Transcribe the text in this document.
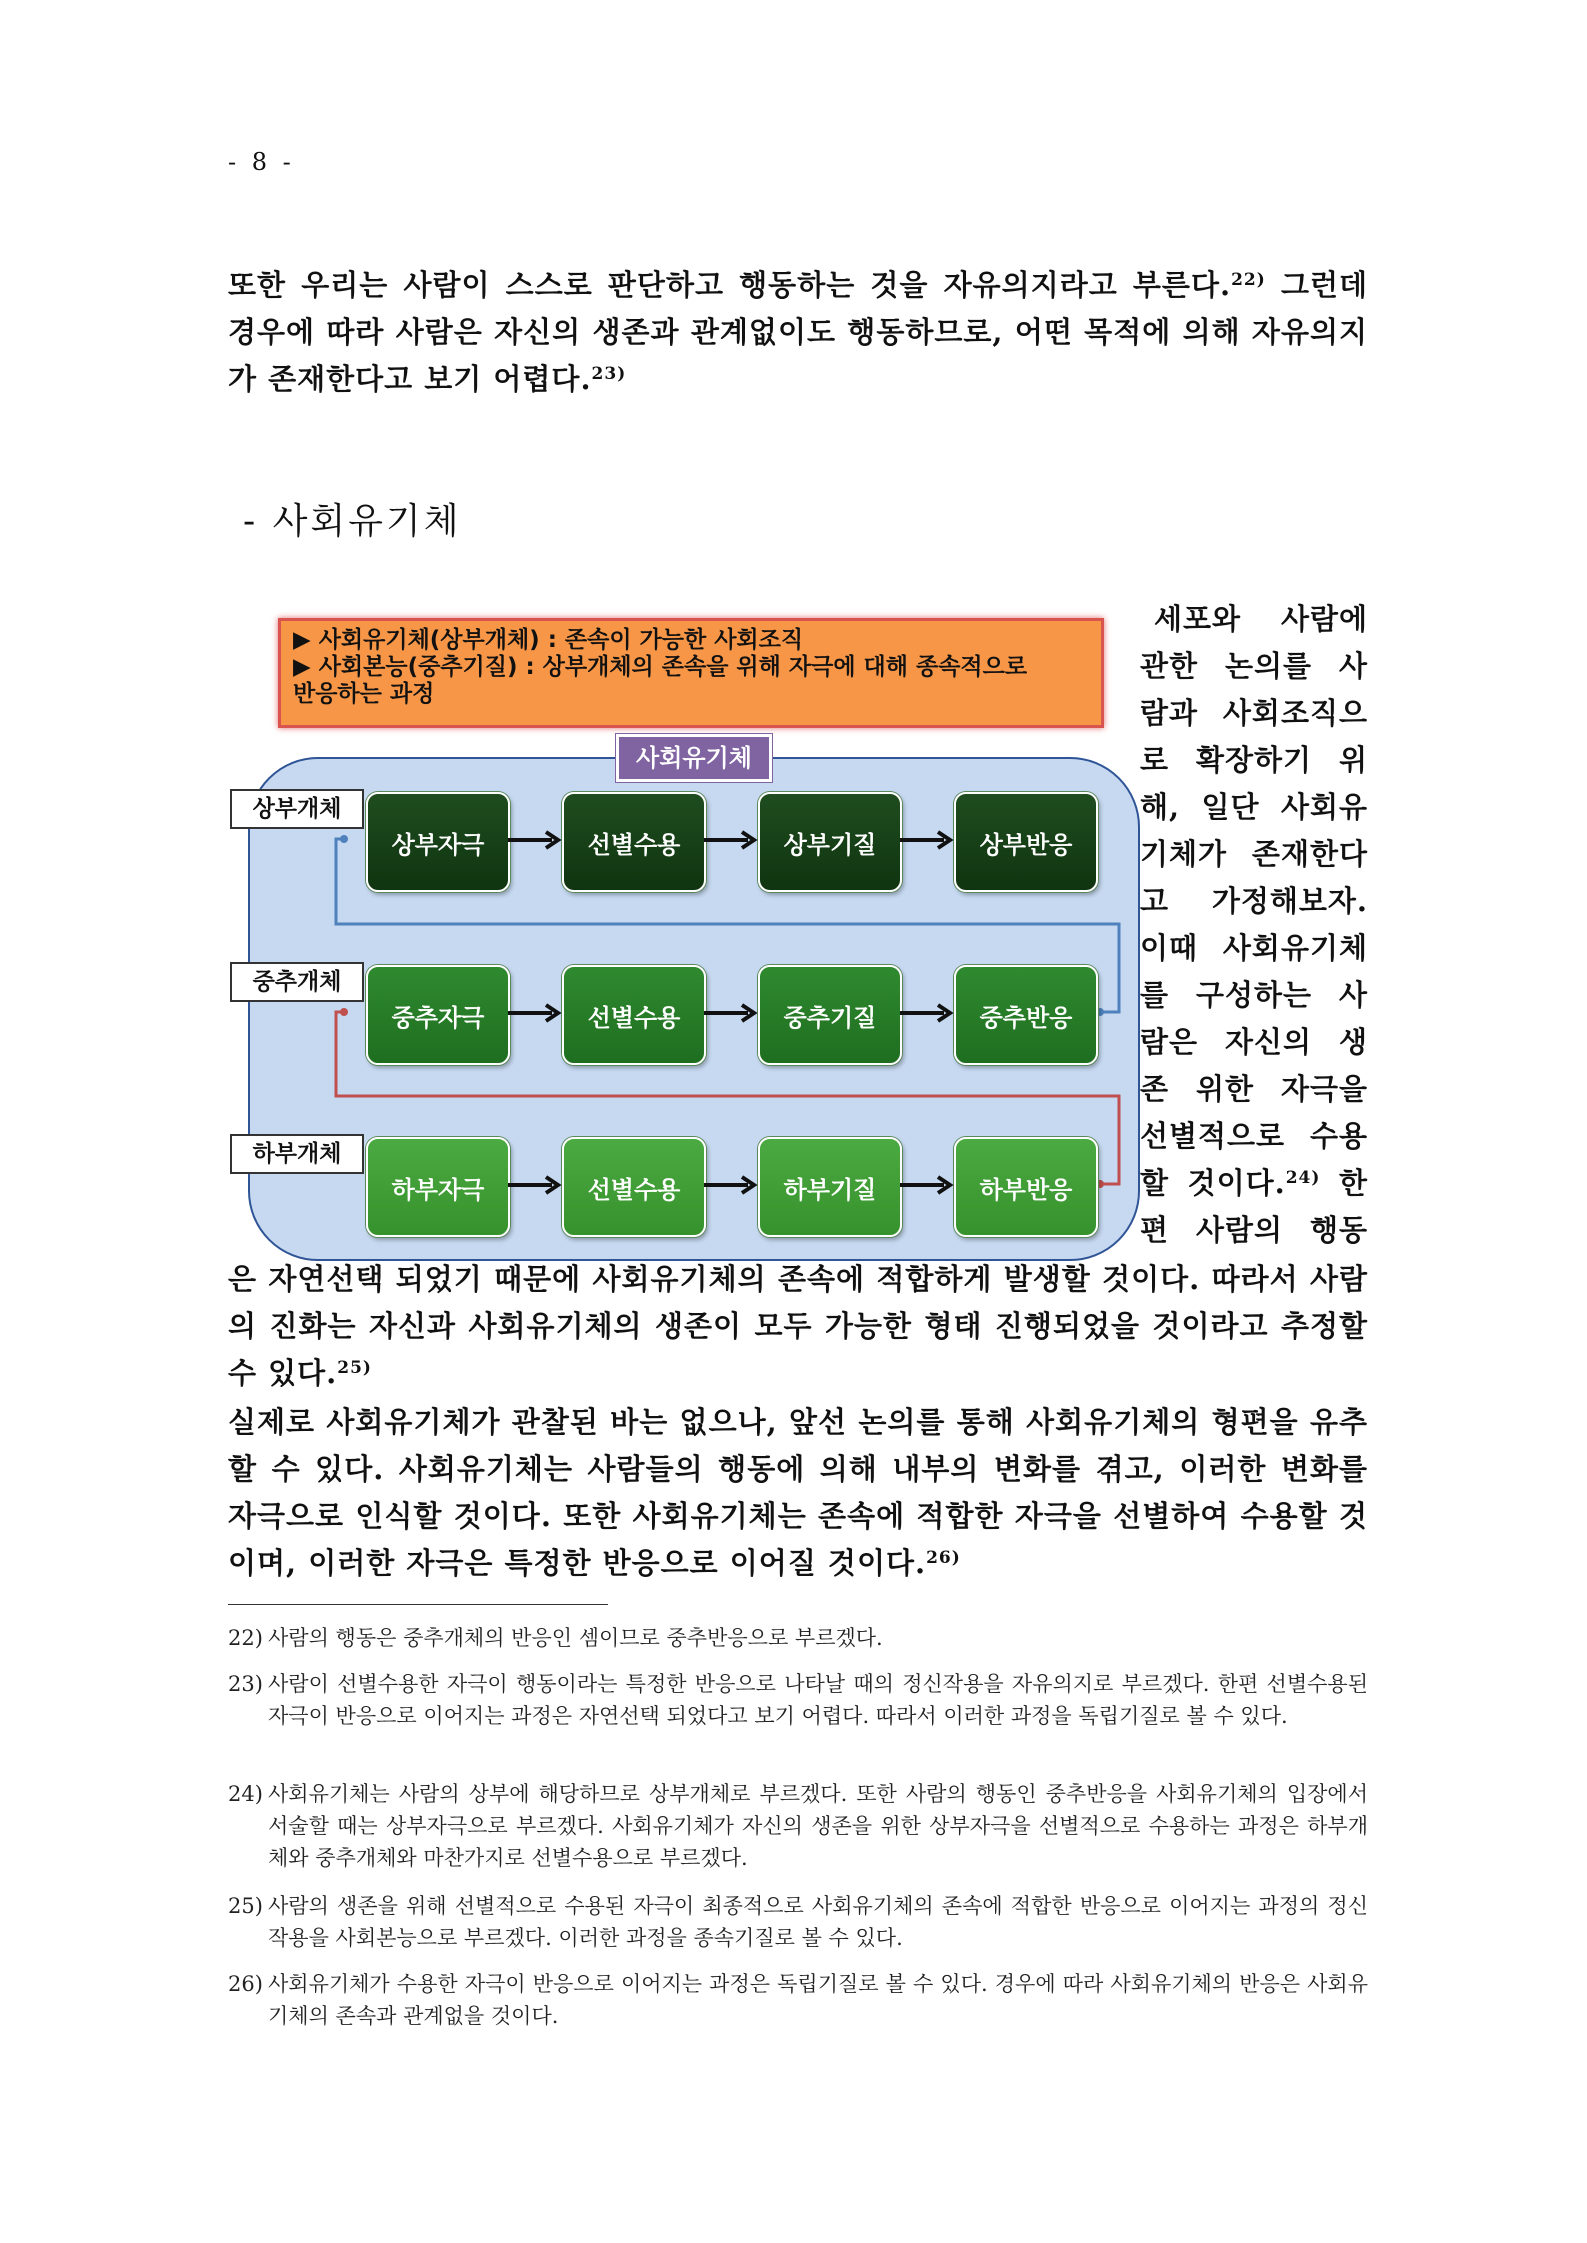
- 8 -
또한 우리는 사람이 스스로 판단하고 행동하는 것을 자유의지라고 부른다.$^{22)}$ 그런데 경우에 따라 사람은 자신의 생존과 관계없이도 행동하므로, 어떤 목적에 의해 자유의지가 존재한다고 보기 어렵다.$^{23)}$
- 사회유기체
▶ 사회유기체(상부개체) : 존속이 가능한 사회조직
▶ 사회본능(중추기질) : 상부개체의 존속을 위해 자극에 대해 종속적으로
반응하는 과정
사회유기체
상부개체
상부자극	선별수용	상부기질	상부반응
중추개체
중추자극	선별수용	중추기질	중추반응
하부개체
하부자극	선별수용	하부기질	하부반응
세포와 사람에
관한 논의를 사
람과 사회조직으
로 확장하기 위
해, 일단 사회유
기체가 존재한다
고 가정해보자.
이때 사회유기체
를 구성하는 사
람은 자신의 생
존 위한 자극을
선별적으로 수용
할 것이다.$^{24)}$ 한
편 사람의 행동
은 자연선택 되었기 때문에 사회유기체의 존속에 적합하게 발생할 것이다. 따라서 사람의 진화는 자신과 사회유기체의 생존이 모두 가능한 형태 진행되었을 것이라고 추정할 수 있다.$^{25)}$
실제로 사회유기체가 관찰된 바는 없으나, 앞선 논의를 통해 사회유기체의 형편을 유추할 수 있다. 사회유기체는 사람들의 행동에 의해 내부의 변화를 겪고, 이러한 변화를 자극으로 인식할 것이다. 또한 사회유기체는 존속에 적합한 자극을 선별하여 수용할 것이며, 이러한 자극은 특정한 반응으로 이어질 것이다.$^{26)}$
22) 사람의 행동은 중추개체의 반응인 셈이므로 중추반응으로 부르겠다.
23) 사람이 선별수용한 자극이 행동이라는 특정한 반응으로 나타날 때의 정신작용을 자유의지로 부르겠다. 한편 선별수용된 자극이 반응으로 이어지는 과정은 자연선택 되었다고 보기 어렵다. 따라서 이러한 과정을 독립기질로 볼 수 있다.
24) 사회유기체는 사람의 상부에 해당하므로 상부개체로 부르겠다. 또한 사람의 행동인 중추반응을 사회유기체의 입장에서 서술할 때는 상부자극으로 부르겠다. 사회유기체가 자신의 생존을 위한 상부자극을 선별적으로 수용하는 과정은 하부개체와 중추개체와 마찬가지로 선별수용으로 부르겠다.
25) 사람의 생존을 위해 선별적으로 수용된 자극이 최종적으로 사회유기체의 존속에 적합한 반응으로 이어지는 과정의 정신작용을 사회본능으로 부르겠다. 이러한 과정을 종속기질로 볼 수 있다.
26) 사회유기체가 수용한 자극이 반응으로 이어지는 과정은 독립기질로 볼 수 있다. 경우에 따라 사회유기체의 반응은 사회유기체의 존속과 관계없을 것이다.
